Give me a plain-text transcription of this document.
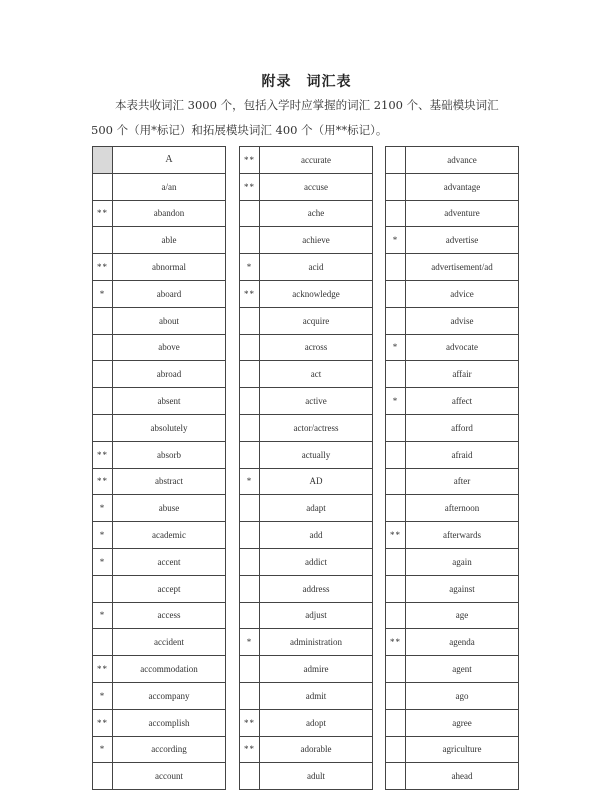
附录　词汇表
本表共收词汇 3000 个，包括入学时应掌握的词汇 2100 个、基础模块词汇
500 个（用*标记）和拓展模块词汇 400 个（用**标记）。
	A
	a/an
**	abandon
	able
**	abnormal
*	aboard
	about
	above
	abroad
	absent
	absolutely
**	absorb
**	abstract
*	abuse
*	academic
*	accent
	accept
*	access
	accident
**	accommodation
*	accompany
**	accomplish
*	according
	account
**	accurate
**	accuse
	ache
	achieve
*	acid
**	acknowledge
	acquire
	across
	act
	active
	actor/actress
	actually
*	AD
	adapt
	add
	addict
	address
	adjust
*	administration
	admire
	admit
**	adopt
**	adorable
	adult
	advance
	advantage
	adventure
*	advertise
	advertisement/ad
	advice
	advise
*	advocate
	affair
*	affect
	afford
	afraid
	after
	afternoon
**	afterwards
	again
	against
	age
**	agenda
	agent
	ago
	agree
	agriculture
	ahead
